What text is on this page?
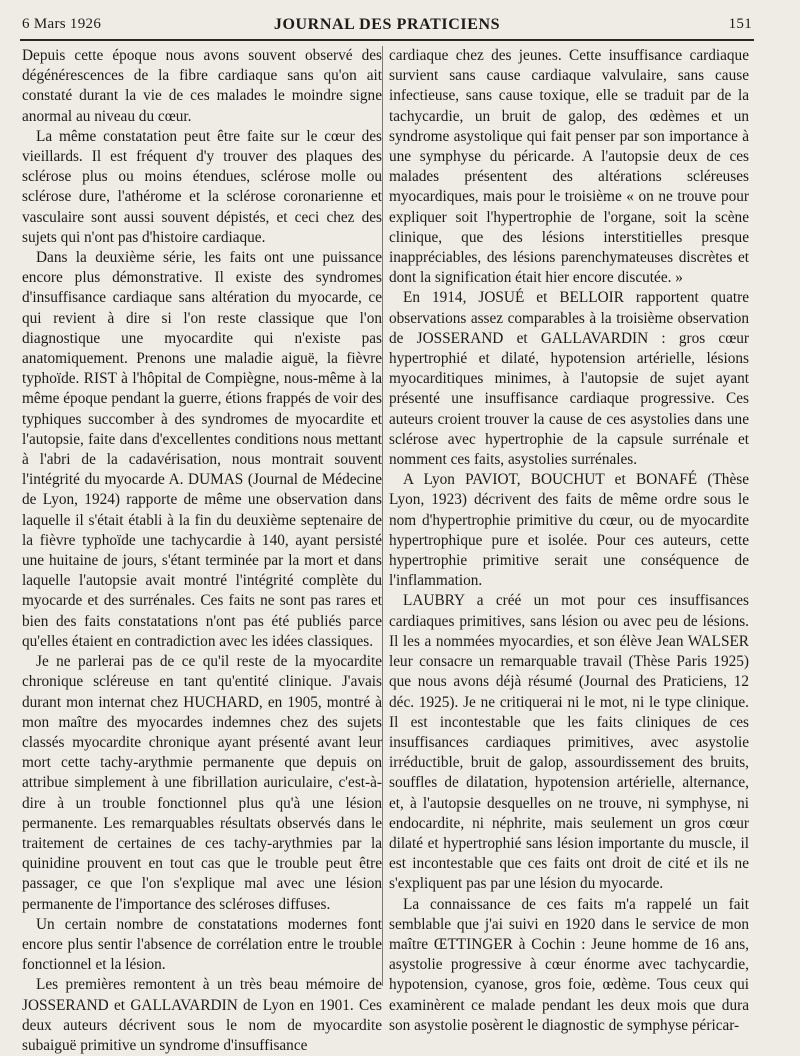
6 Mars 1926	JOURNAL DES PRATICIENS	151

Depuis cette époque nous avons souvent observé des dégénérescences de la fibre cardiaque sans qu'on ait constaté durant la vie de ces malades le moindre signe anormal au niveau du cœur.

La même constatation peut être faite sur le cœur des vieillards. Il est fréquent d'y trouver des plaques des sclérose plus ou moins étendues, sclérose molle ou sclérose dure, l'athérome et la sclérose coronarienne et vasculaire sont aussi souvent dépistés, et ceci chez des sujets qui n'ont pas d'histoire cardiaque.

Dans la deuxième série, les faits ont une puissance encore plus démonstrative. Il existe des syndromes d'insuffisance cardiaque sans altération du myocarde, ce qui revient à dire si l'on reste classique que l'on diagnostique une myocardite qui n'existe pas anatomiquement. Prenons une maladie aiguë, la fièvre typhoïde. RIST à l'hôpital de Compiègne, nous-même à la même époque pendant la guerre, étions frappés de voir des typhiques succomber à des syndromes de myocardite et l'autopsie, faite dans d'excellentes conditions nous mettant à l'abri de la cadavérisation, nous montrait souvent l'intégrité du myocarde A. DUMAS (Journal de Médecine de Lyon, 1924) rapporte de même une observation dans laquelle il s'était établi à la fin du deuxième septenaire de la fièvre typhoïde une tachycardie à 140, ayant persisté une huitaine de jours, s'étant terminée par la mort et dans laquelle l'autopsie avait montré l'intégrité complète du myocarde et des surrénales. Ces faits ne sont pas rares et bien des faits constatations n'ont pas été publiés parce qu'elles étaient en contradiction avec les idées classiques.

Je ne parlerai pas de ce qu'il reste de la myocardite chronique scléreuse en tant qu'entité clinique. J'avais durant mon internat chez HUCHARD, en 1905, montré à mon maître des myocardes indemnes chez des sujets classés myocardite chronique ayant présenté avant leur mort cette tachy-arythmie permanente que depuis on attribue simplement à une fibrillation auriculaire, c'est-à-dire à un trouble fonctionnel plus qu'à une lésion permanente. Les remarquables résultats observés dans le traitement de certaines de ces tachy-arythmies par la quinidine prouvent en tout cas que le trouble peut être passager, ce que l'on s'explique mal avec une lésion permanente de l'importance des scléroses diffuses.

Un certain nombre de constatations modernes font encore plus sentir l'absence de corrélation entre le trouble fonctionnel et la lésion.

Les premières remontent à un très beau mémoire de JOSSERAND et GALLAVARDIN de Lyon en 1901. Ces deux auteurs décrivent sous le nom de myocardite subaiguë primitive un syndrome d'insuffisance

cardiaque chez des jeunes. Cette insuffisance cardiaque survient sans cause cardiaque valvulaire, sans cause infectieuse, sans cause toxique, elle se traduit par de la tachycardie, un bruit de galop, des œdèmes et un syndrome asystolique qui fait penser par son importance à une symphyse du péricarde. A l'autopsie deux de ces malades présentent des altérations scléreuses myocardiques, mais pour le troisième « on ne trouve pour expliquer soit l'hypertrophie de l'organe, soit la scène clinique, que des lésions interstitielles presque inappréciables, des lésions parenchymateuses discrètes et dont la signification était hier encore discutée. »

En 1914, JOSUÉ et BELLOIR rapportent quatre observations assez comparables à la troisième observation de JOSSERAND et GALLAVARDIN : gros cœur hypertrophié et dilaté, hypotension artérielle, lésions myocarditiques minimes, à l'autopsie de sujet ayant présenté une insuffisance cardiaque progressive. Ces auteurs croient trouver la cause de ces asystolies dans une sclérose avec hypertrophie de la capsule surrénale et nomment ces faits, asystolies surrénales.

A Lyon PAVIOT, BOUCHUT et BONAFÉ (Thèse Lyon, 1923) décrivent des faits de même ordre sous le nom d'hypertrophie primitive du cœur, ou de myocardite hypertrophique pure et isolée. Pour ces auteurs, cette hypertrophie primitive serait une conséquence de l'inflammation.

LAUBRY a créé un mot pour ces insuffisances cardiaques primitives, sans lésion ou avec peu de lésions. Il les a nommées myocardies, et son élève Jean WALSER leur consacre un remarquable travail (Thèse Paris 1925) que nous avons déjà résumé (Journal des Praticiens, 12 déc. 1925). Je ne critiquerai ni le mot, ni le type clinique. Il est incontestable que les faits cliniques de ces insuffisances cardiaques primitives, avec asystolie irréductible, bruit de galop, assourdissement des bruits, souffles de dilatation, hypotension artérielle, alternance, et, à l'autopsie desquelles on ne trouve, ni symphyse, ni endocardite, ni néphrite, mais seulement un gros cœur dilaté et hypertrophié sans lésion importante du muscle, il est incontestable que ces faits ont droit de cité et ils ne s'expliquent pas par une lésion du myocarde.

La connaissance de ces faits m'a rappelé un fait semblable que j'ai suivi en 1920 dans le service de mon maître ŒTTINGER à Cochin : Jeune homme de 16 ans, asystolie progressive à cœur énorme avec tachycardie, hypotension, cyanose, gros foie, œdème. Tous ceux qui examinèrent ce malade pendant les deux mois que dura son asystolie posèrent le diagnostic de symphyse péricar-
